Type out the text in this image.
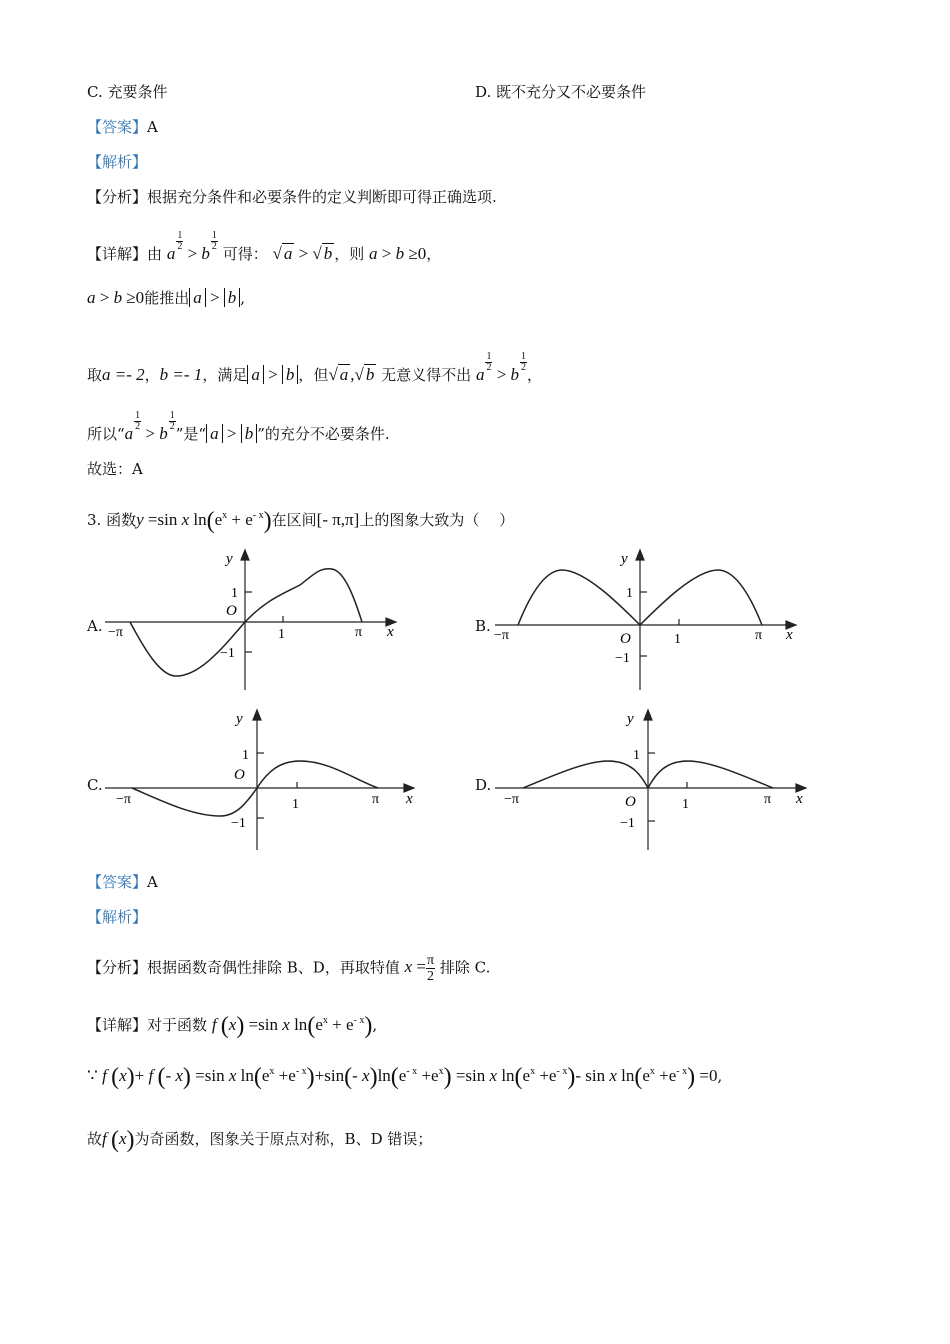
C. 充要条件	D. 既不充分又不必要条件
【答案】A
【解析】
【分析】根据充分条件和必要条件的定义判断即可得正确选项.
【详解】由 a
$\frac{1}{2}$
> b
$\frac{1}{2}$
可得： √ a > √ b ，则 a > b ≥0，
a > b ≥0能推出 a > b ,
取a =- 2，b =- 1，满足 a > b ，但√ a ,√ b 无意义得不出 a
$\frac{1}{2}$
> b
$\frac{1}{2}$
，
所以“a
$\frac{1}{2}$
> b
$\frac{1}{2}$
”是“ a > b ”的充分不必要条件.
故选：A
3. 函数y =sin x $\ln(e^x + e^{- x})$在区间[- π,π]上的图象大致为（　 ）
A.	B.
C.	D.
y
x
1
O
−1
1
−π	π
y
x
1
O
−1
1
−π	π
y
x
1
O
−1
1
−π	π
y
x
1
O
−1
1
−π	π
【答案】A
【解析】
【分析】根据函数奇偶性排除 B、D，再取特值 $x = \frac{\pi}{2}$ 排除 C.
【详解】对于函数 f (x) =sin x $\ln(e^x + e^{- x})$,
∵ f (x)+ f (- x) =sin x $\ln(e^x +e^{- x})+\sin(-$ $x)\ln(e^{- x} +e^x) =\sin$ x $\ln(e^x +e^{- x})-$ sin x $\ln(e^x +e^{- x}) =0$,
故f (x)为奇函数，图象关于原点对称，B、D 错误；
